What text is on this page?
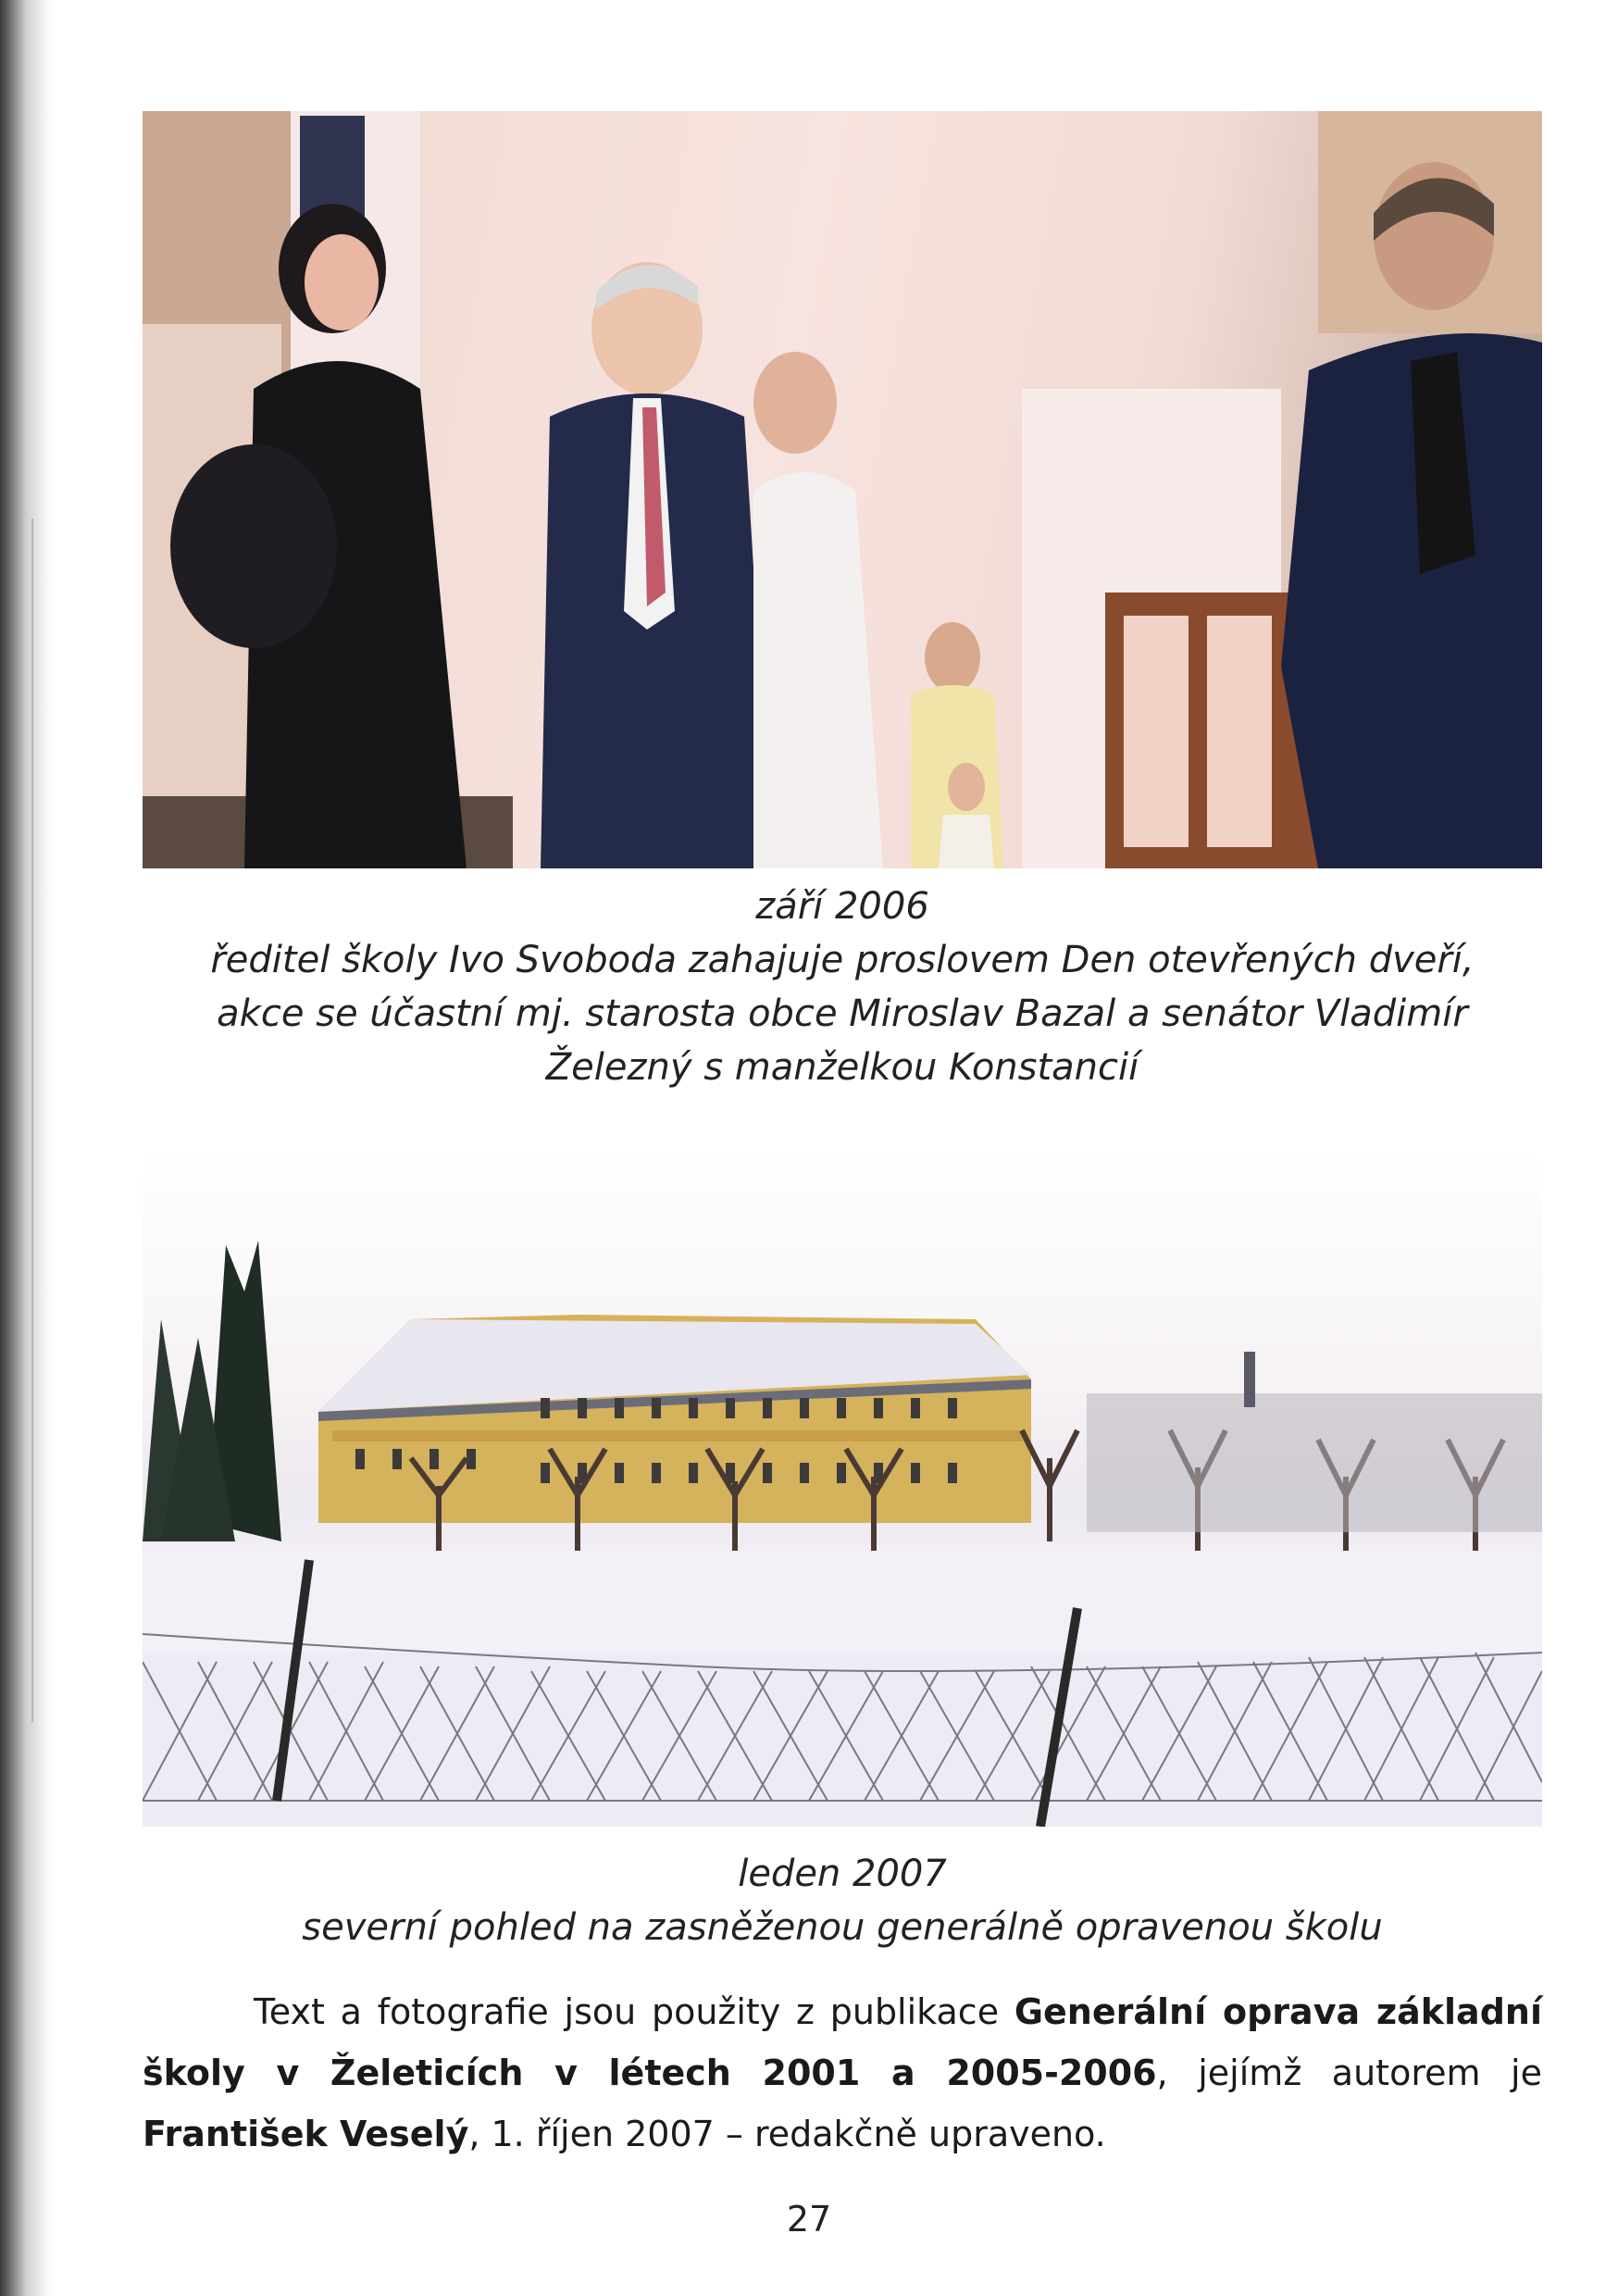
září 2006
ředitel školy Ivo Svoboda zahajuje proslovem Den otevřených dveří,
akce se účastní mj. starosta obce Miroslav Bazal a senátor Vladimír
Železný s manželkou Konstancií
leden 2007
severní pohled na zasněženou generálně opravenou školu
Text a fotografie jsou použity z publikace Generální oprava základní školy v Želeticích v létech 2001 a 2005-2006, jejímž autorem je František Veselý, 1. říjen 2007 – redakčně upraveno.
27
